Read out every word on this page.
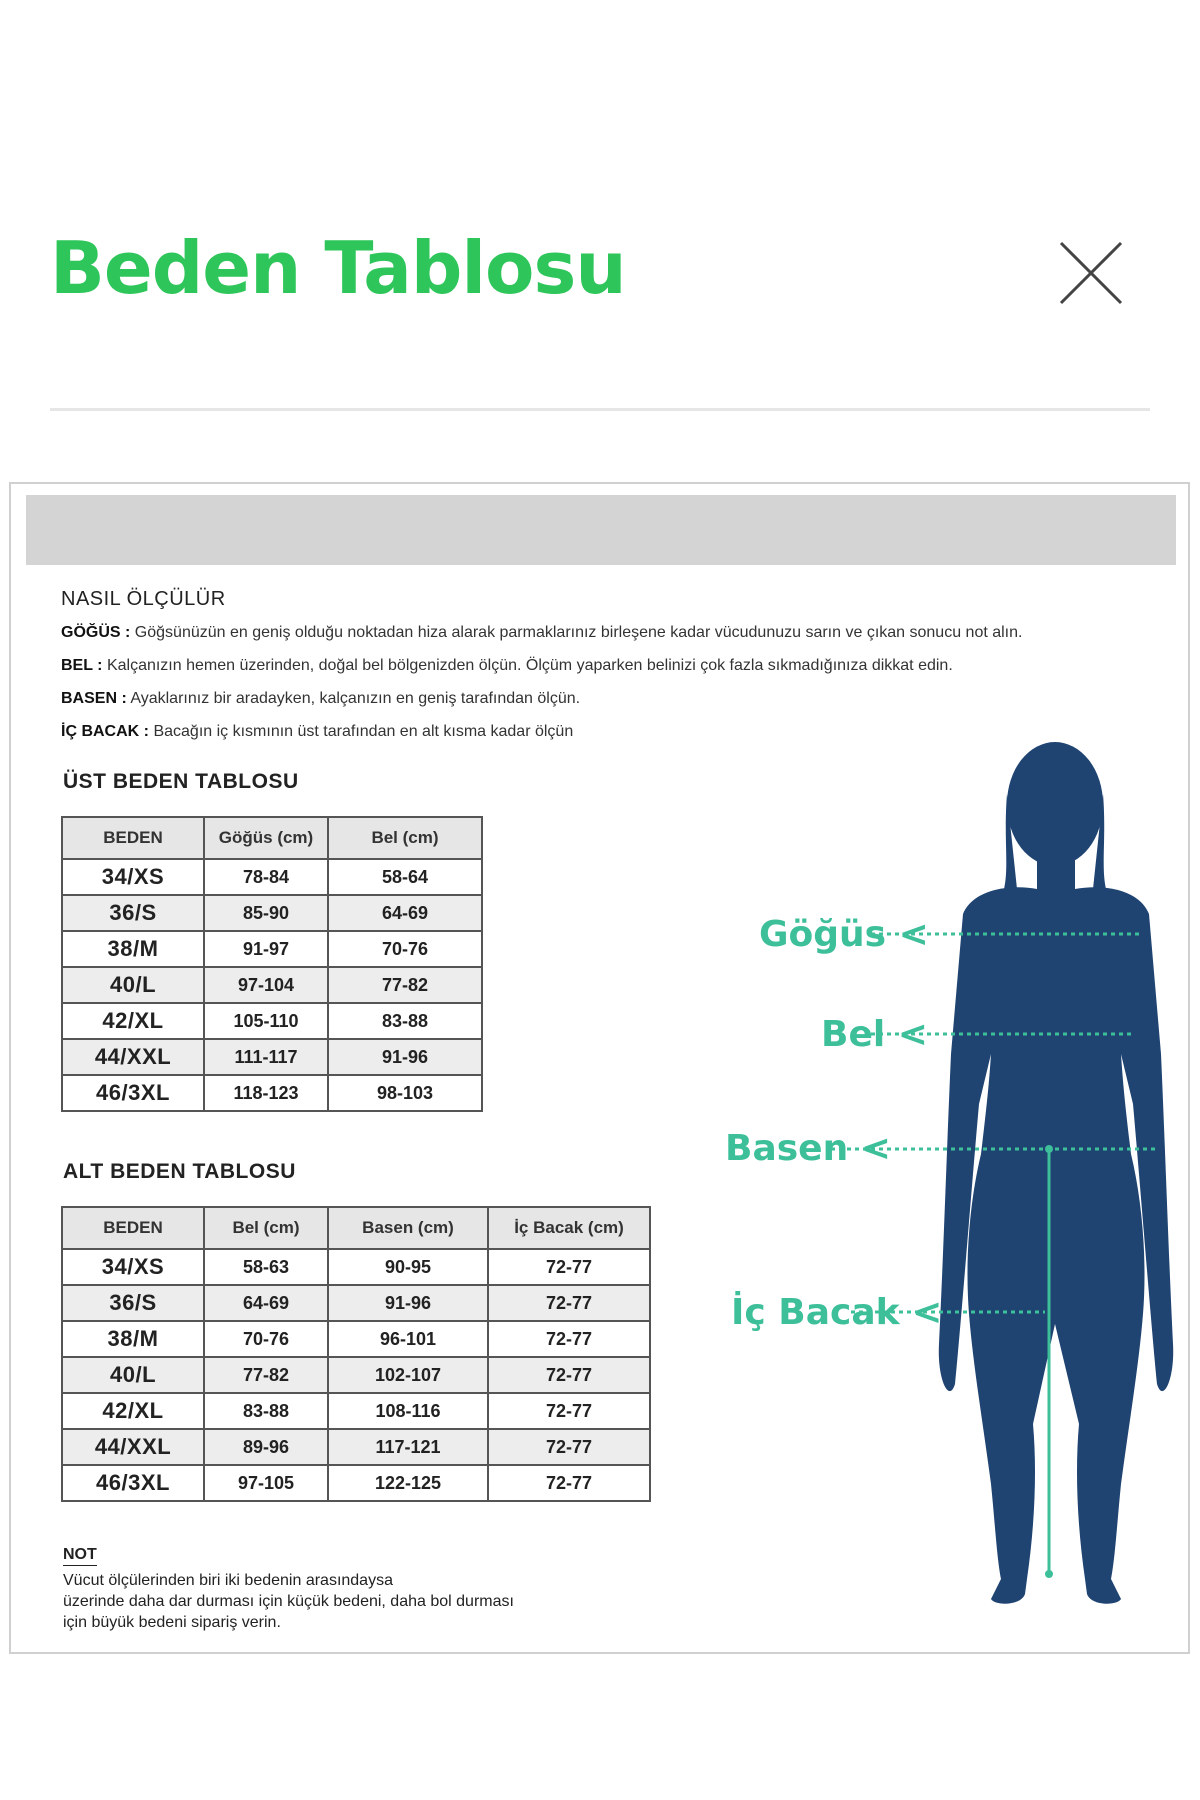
Beden Tablosu
NASIL ÖLÇÜLÜR

GÖĞÜS : Göğsünüzün en geniş olduğu noktadan hiza alarak parmaklarınız birleşene kadar vücudunuzu sarın ve çıkan sonucu not alın.

BEL : Kalçanızın hemen üzerinden, doğal bel bölgenizden ölçün. Ölçüm yaparken belinizi çok fazla sıkmadığınıza dikkat edin.

BASEN : Ayaklarınız bir aradayken, kalçanızın en geniş tarafından ölçün.

İÇ BACAK : Bacağın iç kısmının üst tarafından en alt kısma kadar ölçün

ÜST BEDEN TABLOSU
BEDEN	Göğüs (cm)	Bel (cm)
34/XS	78-84	58-64
36/S	85-90	64-69
38/M	91-97	70-76
40/L	97-104	77-82
42/XL	105-110	83-88
44/XXL	111-117	91-96
46/3XL	118-123	98-103
ALT BEDEN TABLOSU
BEDEN	Bel (cm)	Basen (cm)	İç Bacak (cm)
34/XS	58-63	90-95	72-77
36/S	64-69	91-96	72-77
38/M	70-76	96-101	72-77
40/L	77-82	102-107	72-77
42/XL	83-88	108-116	72-77
44/XXL	89-96	117-121	72-77
46/3XL	97-105	122-125	72-77
NOT
Vücut ölçülerinden biri iki bedenin arasındaysa
üzerinde daha dar durması için küçük bedeni, daha bol durması
için büyük bedeni sipariş verin.
Göğüs <
Bel <
Basen <
İç Bacak <
